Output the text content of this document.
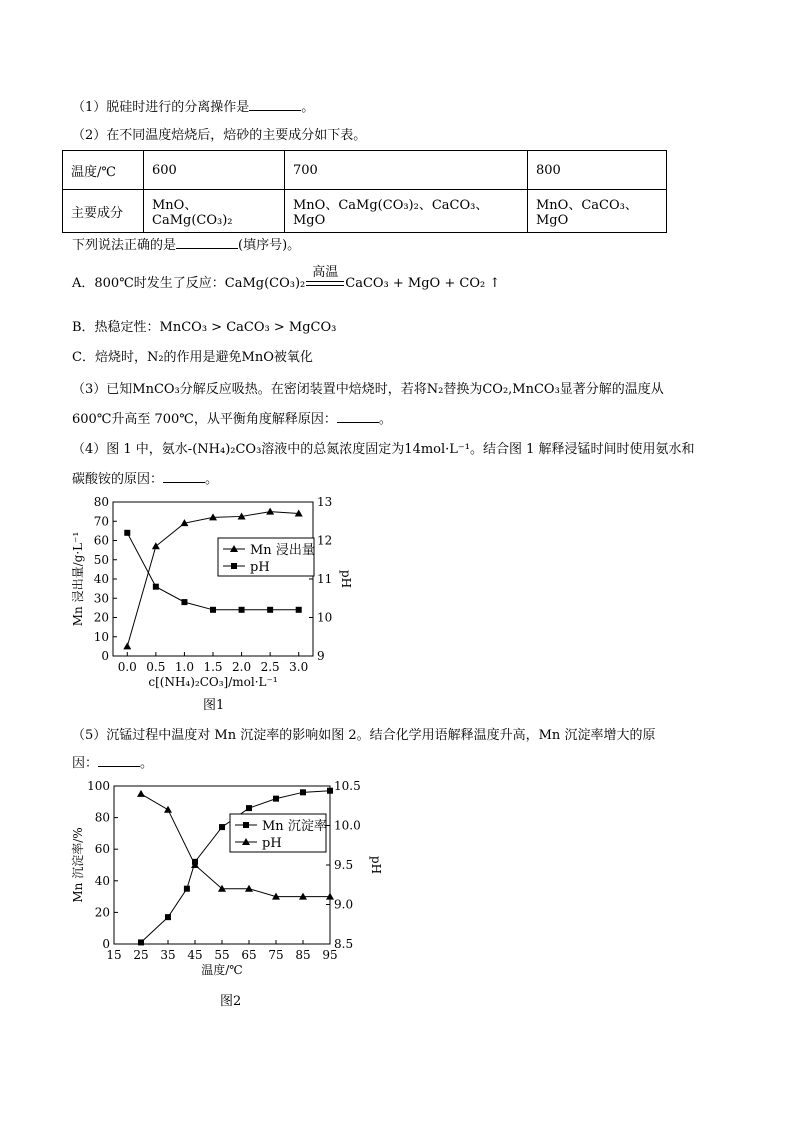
（1）脱硅时进行的分离操作是	。
（2）在不同温度焙烧后，焙砂的主要成分如下表。
温度/℃	600	700	800
主要成分	MnO、CaMg(CO₃)₂	MnO、CaMg(CO₃)₂、CaCO₃、MgO	MnO、CaCO₃、MgO
下列说法正确的是	(填序号)。
A．800℃时发生了反应：CaMg(CO₃)₂
高温
CaCO₃ + MgO + CO₂ ↑
B．热稳定性：MnCO₃ > CaCO₃ > MgCO₃
C．焙烧时，N₂的作用是避免MnO被氧化
（3）已知MnCO₃分解反应吸热。在密闭装置中焙烧时，若将N₂替换为CO₂,MnCO₃显著分解的温度从
600℃升高至 700℃，从平衡角度解释原因：	。
（4）图 1 中，氨水-(NH₄)₂CO₃溶液中的总氮浓度固定为14mol·L⁻¹。结合图 1 解释浸锰时间时使用氨水和
碳酸铵的原因：	。
0.0 0.5 1.0 1.5 2.0 2.5 3.0
0
10
20
30
40
50
60
70
80
9
10
11
12
13
c[(NH₄)₂CO₃]/mol·L⁻¹
Mn 浸出量/g·L⁻¹	pH
Mn 浸出量
pH
图1
（5）沉锰过程中温度对 Mn 沉淀率的影响如图 2。结合化学用语解释温度升高，Mn 沉淀率增大的原
因：	。
15 25 35 45 55 65 75 85 95
0
20
40
60
80
100
8.5
9.0
9.5
10.0
10.5
温度/℃
Mn 沉淀率/%	pH
Mn 沉淀率
pH
图2
